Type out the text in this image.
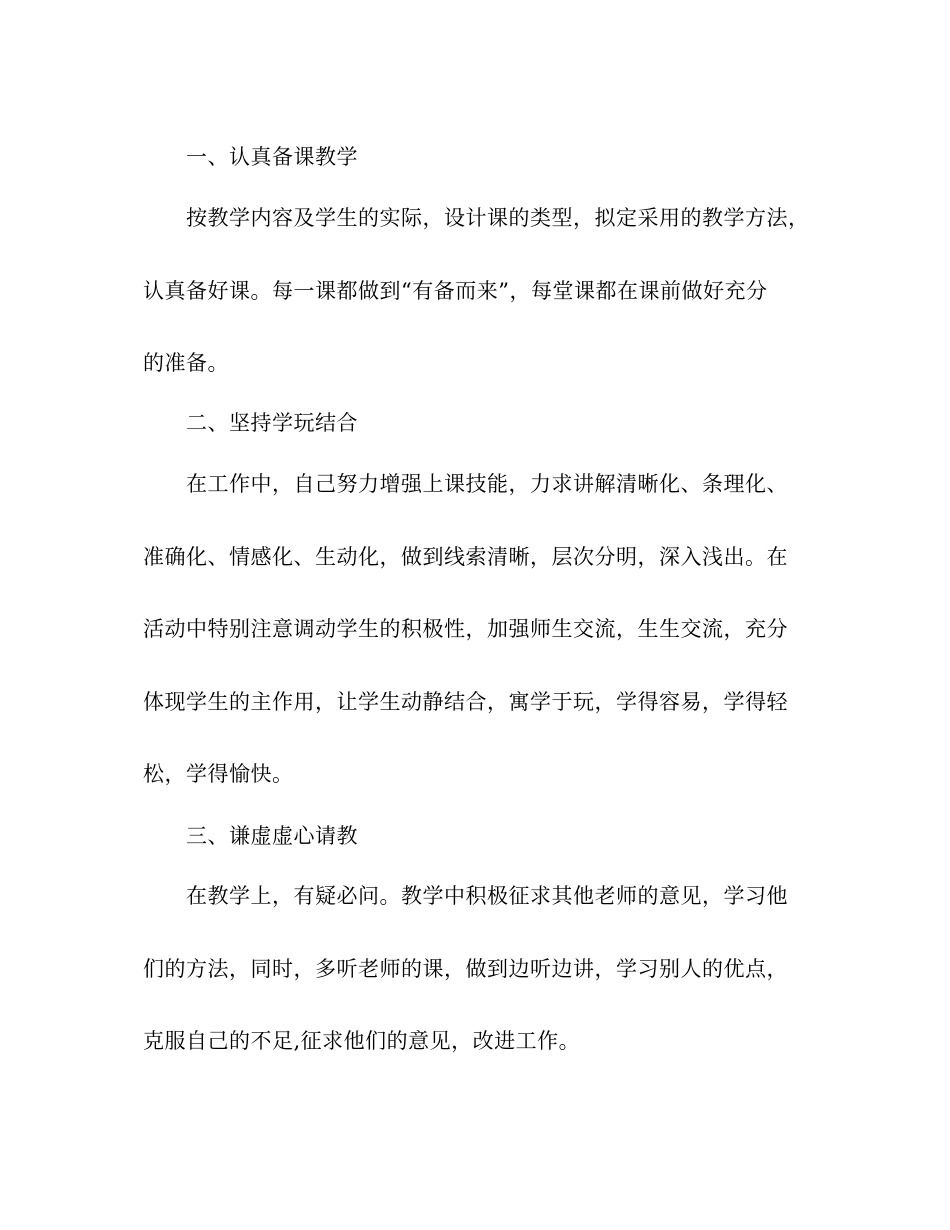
一、认真备课教学
按教学内容及学生的实际，设计课的类型，拟定采用的教学方法，
认真备好课。每一课都做到“有备而来”，每堂课都在课前做好充分
的准备。
二、坚持学玩结合
在工作中，自己努力增强上课技能，力求讲解清晰化、条理化、
准确化、情感化、生动化，做到线索清晰，层次分明，深入浅出。在
活动中特别注意调动学生的积极性，加强师生交流，生生交流，充分
体现学生的主作用，让学生动静结合，寓学于玩，学得容易，学得轻
松，学得愉快。
三、谦虚虚心请教
在教学上，有疑必问。教学中积极征求其他老师的意见，学习他
们的方法，同时，多听老师的课，做到边听边讲，学习别人的优点，
克服自己的不足,征求他们的意见，改进工作。
